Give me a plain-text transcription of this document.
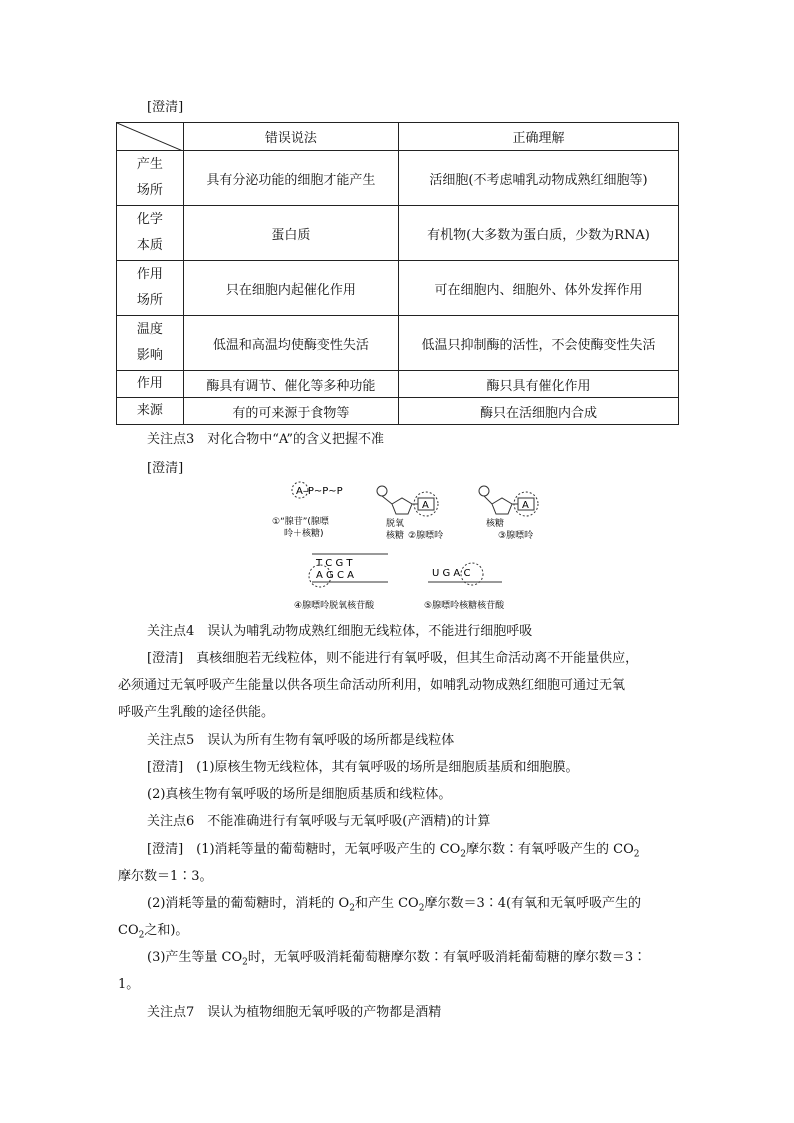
[澄清]
	错误说法	正确理解
产生
场所	具有分泌功能的细胞才能产生	活细胞(不考虑哺乳动物成熟红细胞等)
化学
本质	蛋白质	有机物(大多数为蛋白质，少数为RNA)
作用
场所	只在细胞内起催化作用	可在细胞内、细胞外、体外发挥作用
温度
影响	低温和高温均使酶变性失活	低温只抑制酶的活性，不会使酶变性失活
作用	酶具有调节、催化等多种功能	酶只具有催化作用
来源	有的可来源于食物等	酶只在活细胞内合成
关注点3　对化合物中“A”的含义把握不准
[澄清]
A–P~P~P
①“腺苷”(腺嘌
呤＋核糖)
A
脱氧
核糖 ②腺嘌呤
A
核糖
③腺嘌呤
T C G T
A G C A
④腺嘌呤脱氧核苷酸
U G A C
⑤腺嘌呤核糖核苷酸
关注点4　误认为哺乳动物成熟红细胞无线粒体，不能进行细胞呼吸
[澄清]　真核细胞若无线粒体，则不能进行有氧呼吸，但其生命活动离不开能量供应，
必须通过无氧呼吸产生能量以供各项生命活动所利用，如哺乳动物成熟红细胞可通过无氧
呼吸产生乳酸的途径供能。
关注点5　误认为所有生物有氧呼吸的场所都是线粒体
[澄清]　(1)原核生物无线粒体，其有氧呼吸的场所是细胞质基质和细胞膜。
(2)真核生物有氧呼吸的场所是细胞质基质和线粒体。
关注点6　不能准确进行有氧呼吸与无氧呼吸(产酒精)的计算
[澄清]　(1)消耗等量的葡萄糖时，无氧呼吸产生的 $CO_2$摩尔数∶有氧呼吸产生的 $CO_2$
摩尔数＝1∶3。
(2)消耗等量的葡萄糖时，消耗的 $O_2$和产生 $CO_2$摩尔数＝3∶4(有氧和无氧呼吸产生的
$CO_2$之和)。
(3)产生等量 $CO_2$时，无氧呼吸消耗葡萄糖摩尔数∶有氧呼吸消耗葡萄糖的摩尔数＝3∶
1。
关注点7　误认为植物细胞无氧呼吸的产物都是酒精
